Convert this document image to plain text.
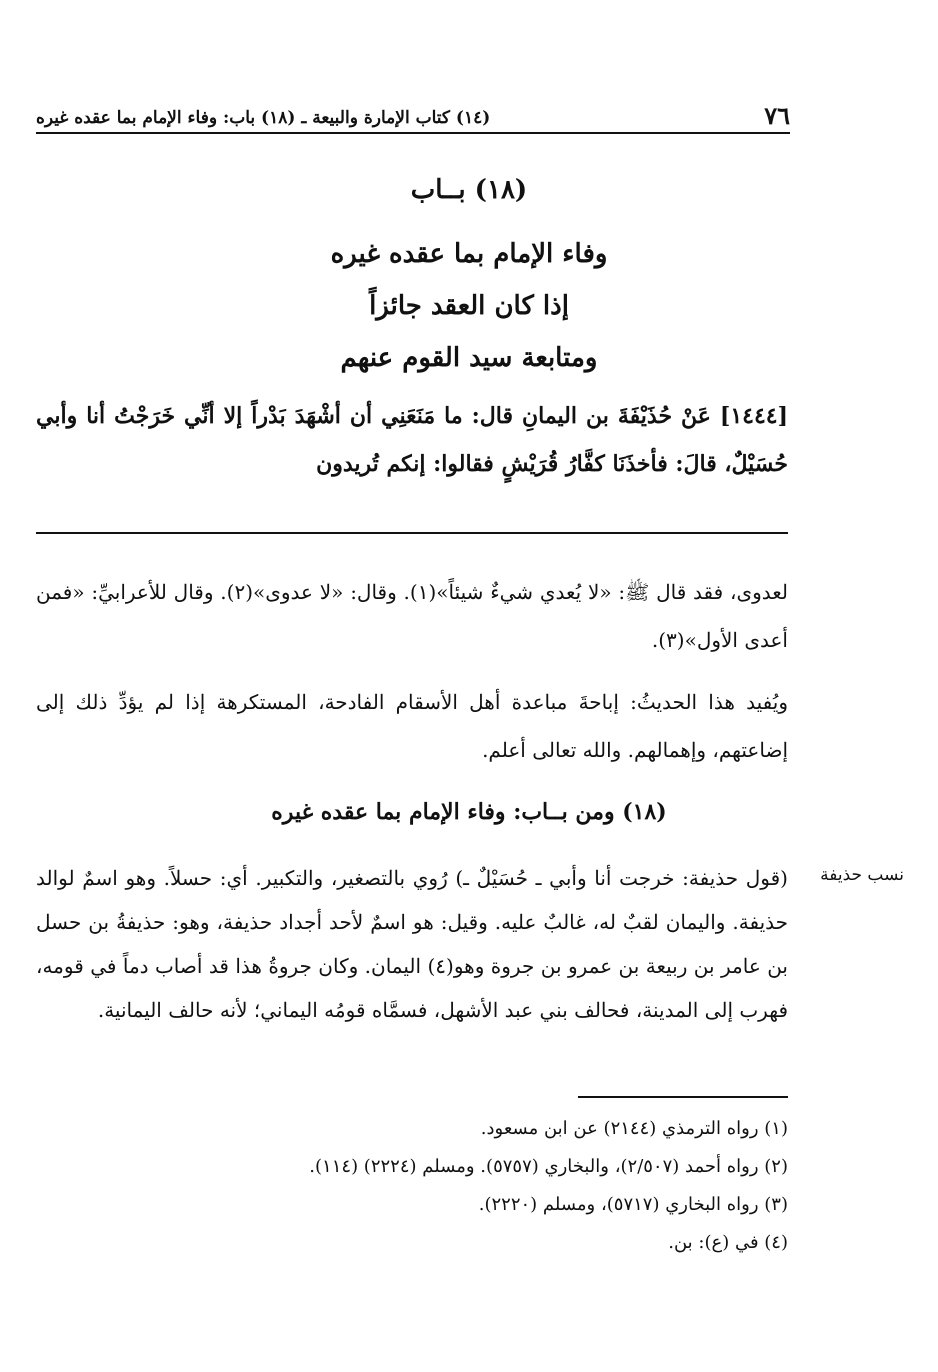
٧٦
(١٤) كتاب الإمارة والبيعة ـ (١٨) باب: وفاء الإمام بما عقده غيره
(١٨) بــاب
وفاء الإمام بما عقده غيره
إذا كان العقد جائزاً
ومتابعة سيد القوم عنهم
[١٤٤٤] عَنْ حُذَيْفَةَ بن اليمانِ قال: ما مَنَعَنِي أن أشْهَدَ بَدْراً إلا أنِّي خَرَجْتُ أنا وأبي حُسَيْلٌ، قالَ: فأخذَنَا كفَّارُ قُرَيْشٍ فقالوا: إنكم تُريدون

لعدوى، فقد قال ﷺ: «لا يُعدي شيءٌ شيئاً»(١). وقال: «لا عدوى»(٢). وقال للأعرابيِّ: «فمن أعدى الأول»(٣).

ويُفيد هذا الحديثُ: إباحةَ مباعدة أهل الأسقام الفادحة، المستكرهة إذا لم يؤدِّ ذلك إلى إضاعتهم، وإهمالهم. والله تعالى أعلم.

(١٨) ومن بــاب: وفاء الإمام بما عقده غيره
نسب حذيفة
(قول حذيفة: خرجت أنا وأبي ـ حُسَيْلٌ ـ) رُوي بالتصغير، والتكبير. أي: حسلاً. وهو اسمٌ لوالد حذيفة. واليمان لقبٌ له، غالبٌ عليه. وقيل: هو اسمٌ لأحد أجداد حذيفة، وهو: حذيفةُ بن حسل بن عامر بن ربيعة بن عمرو بن جروة وهو(٤) اليمان. وكان جروةُ هذا قد أصاب دماً في قومه، فهرب إلى المدينة، فحالف بني عبد الأشهل، فسمَّاه قومُه اليماني؛ لأنه حالف اليمانية.
(١) رواه الترمذي (٢١٤٤) عن ابن مسعود.
(٢) رواه أحمد (٢/٥٠٧)، والبخاري (٥٧٥٧). ومسلم (٢٢٢٤) (١١٤).
(٣) رواه البخاري (٥٧١٧)، ومسلم (٢٢٢٠).
(٤) في (ع): بن.
